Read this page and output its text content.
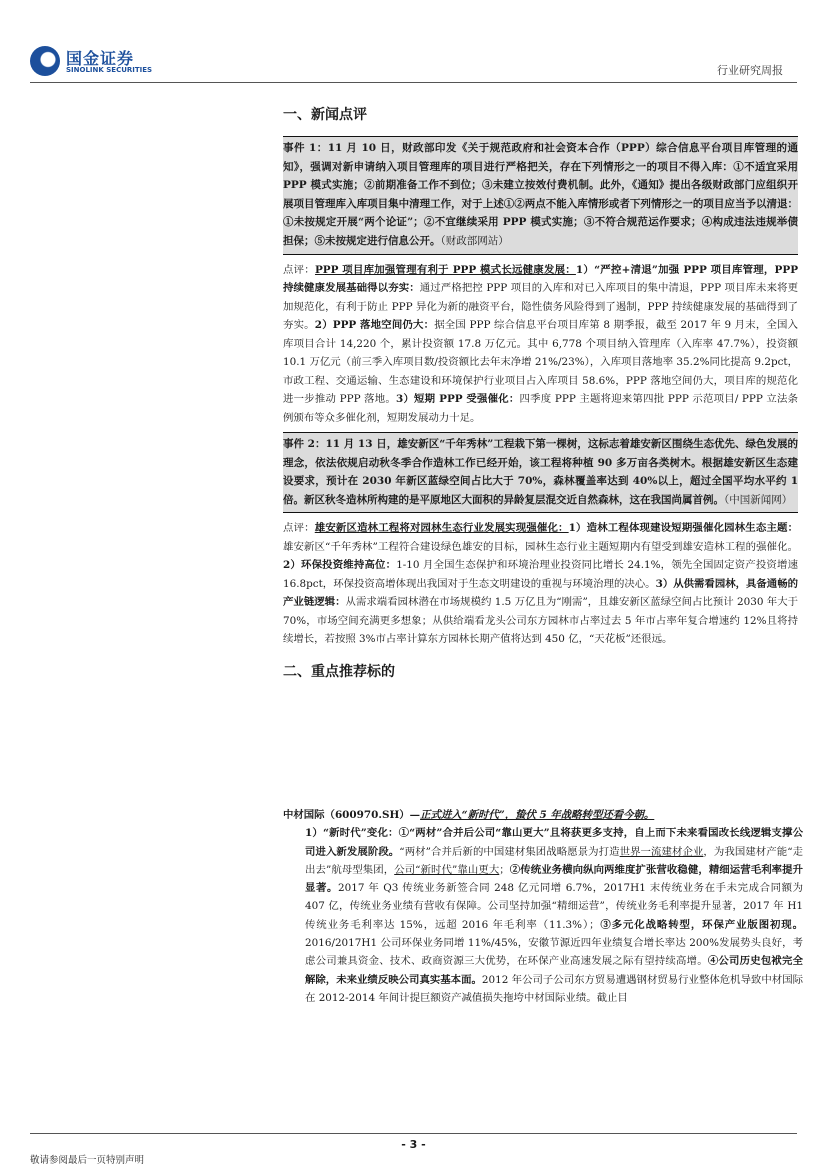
国金证券
SINOLINK SECURITIES	行业研究周报
一、新闻点评
事件 1：11 月 10 日，财政部印发《关于规范政府和社会资本合作（PPP）综合信息平台项目库管理的通知》，强调对新申请纳入项目管理库的项目进行严格把关，存在下列情形之一的项目不得入库：①不适宜采用 PPP 模式实施；②前期准备工作不到位；③未建立按效付费机制。此外，《通知》提出各级财政部门应组织开展项目管理库入库项目集中清理工作，对于上述①②两点不能入库情形或者下列情形之一的项目应当予以清退：①未按规定开展“两个论证”；②不宜继续采用 PPP 模式实施；③不符合规范运作要求；④构成违法违规举债担保；⑤未按规定进行信息公开。（财政部网站）
点评：PPP 项目库加强管理有利于 PPP 模式长远健康发展：1）“严控+清退”加强 PPP 项目库管理，PPP 持续健康发展基础得以夯实：通过严格把控 PPP 项目的入库和对已入库项目的集中清退，PPP 项目库未来将更加规范化，有利于防止 PPP 异化为新的融资平台，隐性债务风险得到了遏制，PPP 持续健康发展的基础得到了夯实。2）PPP 落地空间仍大：据全国 PPP 综合信息平台项目库第 8 期季报，截至 2017 年 9 月末，全国入库项目合计 14,220 个，累计投资额 17.8 万亿元。其中 6,778 个项目纳入管理库（入库率 47.7%），投资额 10.1 万亿元（前三季入库项目数/投资额比去年末净增 21%/23%），入库项目落地率 35.2%同比提高 9.2pct，市政工程、交通运输、生态建设和环境保护行业项目占入库项目 58.6%，PPP 落地空间仍大，项目库的规范化进一步推动 PPP 落地。3）短期 PPP 受强催化：四季度 PPP 主题将迎来第四批 PPP 示范项目/ PPP 立法条例颁布等众多催化剂，短期发展动力十足。
事件 2：11 月 13 日，雄安新区“千年秀林”工程栽下第一棵树，这标志着雄安新区围绕生态优先、绿色发展的理念，依法依规启动秋冬季合作造林工作已经开始，该工程将种植 90 多万亩各类树木。根据雄安新区生态建设要求，预计在 2030 年新区蓝绿空间占比大于 70%，森林覆盖率达到 40%以上，超过全国平均水平约 1 倍。新区秋冬造林所构建的是平原地区大面积的异龄复层混交近自然森林，这在我国尚属首例。（中国新闻网）
点评：雄安新区造林工程将对园林生态行业发展实现强催化：1）造林工程体现建设短期强催化园林生态主题：雄安新区“千年秀林”工程符合建设绿色雄安的目标，园林生态行业主题短期内有望受到雄安造林工程的强催化。2）环保投资维持高位：1-10 月全国生态保护和环境治理业投资同比增长 24.1%，领先全国固定资产投资增速 16.8pct，环保投资高增体现出我国对于生态文明建设的重视与环境治理的决心。3）从供需看园林，具备通畅的产业链逻辑：从需求端看园林潜在市场规模约 1.5 万亿且为“刚需”，且雄安新区蓝绿空间占比预计 2030 年大于 70%，市场空间充满更多想象；从供给端看龙头公司东方园林市占率过去 5 年市占率年复合增速约 12%且将持续增长，若按照 3%市占率计算东方园林长期产值将达到 450 亿，“天花板”还很远。
二、重点推荐标的
中材国际（600970.SH）—正式进入“新时代”，蛰伏 5 年战略转型还看今朝。
1）“新时代”变化：①“两材”合并后公司“靠山更大”且将获更多支持，自上而下未来看国改长线逻辑支撑公司进入新发展阶段。“两材”合并后新的中国建材集团战略愿景为打造世界一流建材企业，为我国建材产能“走出去”航母型集团，公司“新时代”靠山更大；②传统业务横向纵向两维度扩张营收稳健，精细运营毛利率提升显著。2017 年 Q3 传统业务新签合同 248 亿元同增 6.7%，2017H1 末传统业务在手未完成合同额为 407 亿，传统业务业绩有营收有保障。公司坚持加强“精细运营”，传统业务毛利率提升显著，2017 年 H1 传统业务毛利率达 15%，远超 2016 年毛利率（11.3%）；③多元化战略转型，环保产业版图初现。2016/2017H1 公司环保业务同增 11%/45%，安徽节源近四年业绩复合增长率达 200%发展势头良好，考虑公司兼具资金、技术、政商资源三大优势，在环保产业高速发展之际有望持续高增。④公司历史包袱完全解除，未来业绩反映公司真实基本面。2012 年公司子公司东方贸易遭遇钢材贸易行业整体危机导致中材国际在 2012-2014 年间计提巨额资产减值损失拖垮中材国际业绩。截止目
- 3 -
敬请参阅最后一页特别声明
